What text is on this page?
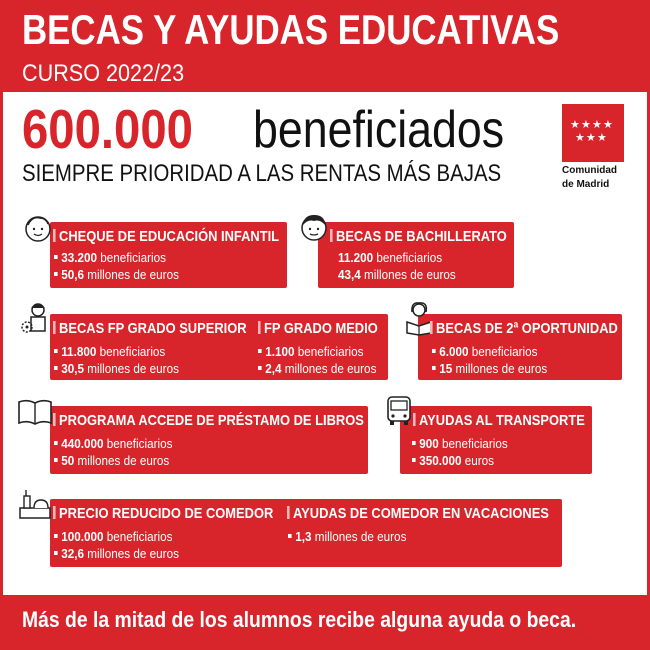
BECAS Y AYUDAS EDUCATIVAS
CURSO 2022/23
600.000 beneficiados
SIEMPRE PRIORIDAD A LAS RENTAS MÁS BAJAS
★ ★ ★ ★
★ ★ ★
Comunidad
de Madrid
CHEQUE DE EDUCACIÓN INFANTIL
33.200 beneficiarios
50,6 millones de euros
BECAS DE BACHILLERATO
11.200 beneficiarios
43,4 millones de euros
BECAS FP GRADO SUPERIOR
11.800 beneficiarios
30,5 millones de euros
FP GRADO MEDIO
1.100 beneficiarios
2,4 millones de euros
BECAS DE 2ª OPORTUNIDAD
6.000 beneficiarios
15 millones de euros
PROGRAMA ACCEDE DE PRÉSTAMO DE LIBROS
440.000 beneficiarios
50 millones de euros
AYUDAS AL TRANSPORTE
900 beneficiarios
350.000 euros
PRECIO REDUCIDO DE COMEDOR
100.000 beneficiarios
32,6 millones de euros
AYUDAS DE COMEDOR EN VACACIONES
1,3 millones de euros
Más de la mitad de los alumnos recibe alguna ayuda o beca.
